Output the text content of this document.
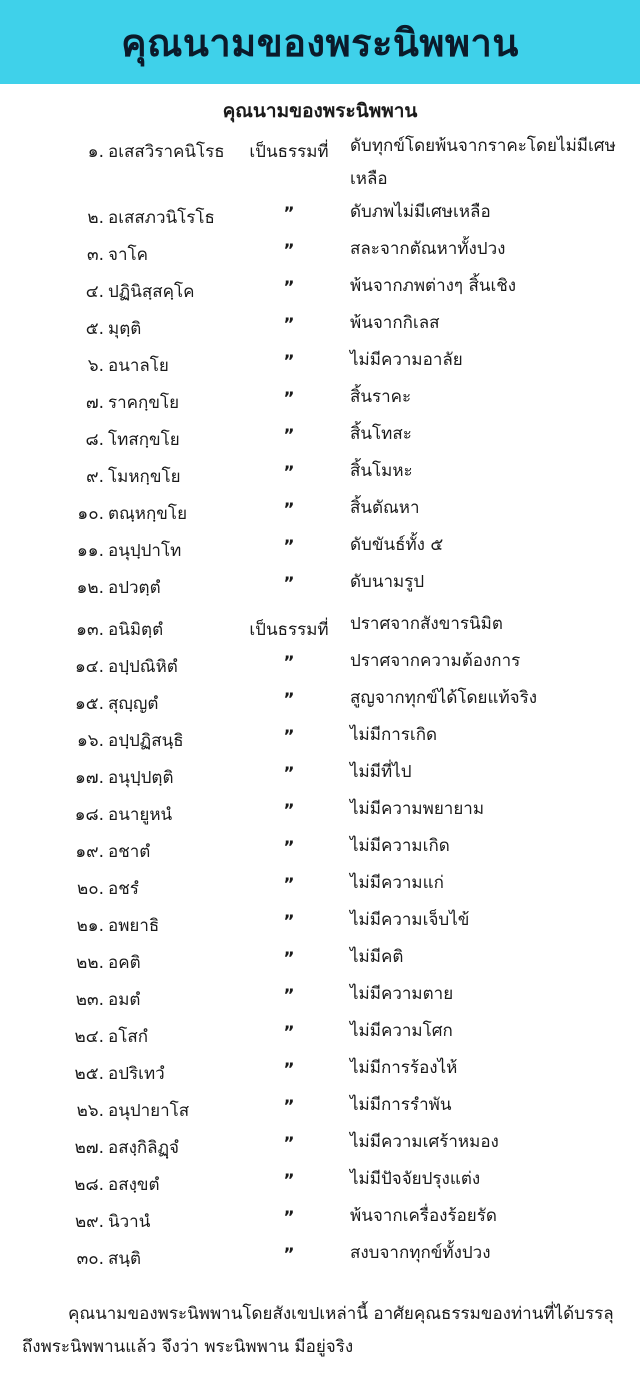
คุณนามของพระนิพพาน
คุณนามของพระนิพพาน
๑. อเสสวิราคนิโรธ	เป็นธรรมที่	ดับทุกข์โดยพ้นจากราคะโดยไม่มีเศษเหลือ
๒. อเสสภวนิโรโธ	”	ดับภพไม่มีเศษเหลือ
๓. จาโค	”	สละจากตัณหาทั้งปวง
๔. ปฏินิสฺสคฺโค	”	พ้นจากภพต่างๆ สิ้นเชิง
๕. มุตฺติ	”	พ้นจากกิเลส
๖. อนาลโย	”	ไม่มีความอาลัย
๗. ราคกฺขโย	”	สิ้นราคะ
๘. โทสกฺขโย	”	สิ้นโทสะ
๙. โมหกฺขโย	”	สิ้นโมหะ
๑๐. ตณฺหกฺขโย	”	สิ้นตัณหา
๑๑. อนุปฺปาโท	”	ดับขันธ์ทั้ง ๕
๑๒. อปวตฺตํ	”	ดับนามรูป
๑๓. อนิมิตฺตํ	เป็นธรรมที่	ปราศจากสังขารนิมิต
๑๔. อปฺปณิหิตํ	”	ปราศจากความต้องการ
๑๕. สุญฺญตํ	”	สูญจากทุกข์ได้โดยแท้จริง
๑๖. อปฺปฏิสนฺธิ	”	ไม่มีการเกิด
๑๗. อนุปฺปตฺติ	”	ไม่มีที่ไป
๑๘. อนายูหนํ	”	ไม่มีความพยายาม
๑๙. อชาตํ	”	ไม่มีความเกิด
๒๐. อชรํ	”	ไม่มีความแก่
๒๑. อพยาธิ	”	ไม่มีความเจ็บไข้
๒๒. อคติ	”	ไม่มีคติ
๒๓. อมตํ	”	ไม่มีความตาย
๒๔. อโสกํ	”	ไม่มีความโศก
๒๕. อปริเทวํ	”	ไม่มีการร้องไห้
๒๖. อนุปายาโส	”	ไม่มีการรำพัน
๒๗. อสงฺกิลิฏฺจํ	”	ไม่มีความเศร้าหมอง
๒๘. อสงฺขตํ	”	ไม่มีปัจจัยปรุงแต่ง
๒๙. นิวานํ	”	พ้นจากเครื่องร้อยรัด
๓๐. สนฺติ	”	สงบจากทุกข์ทั้งปวง
คุณนามของพระนิพพานโดยสังเขปเหล่านี้ อาศัยคุณธรรมของท่านที่ได้บรรลุถึงพระนิพพานแล้ว จึงว่า พระนิพพาน มีอยู่จริง
